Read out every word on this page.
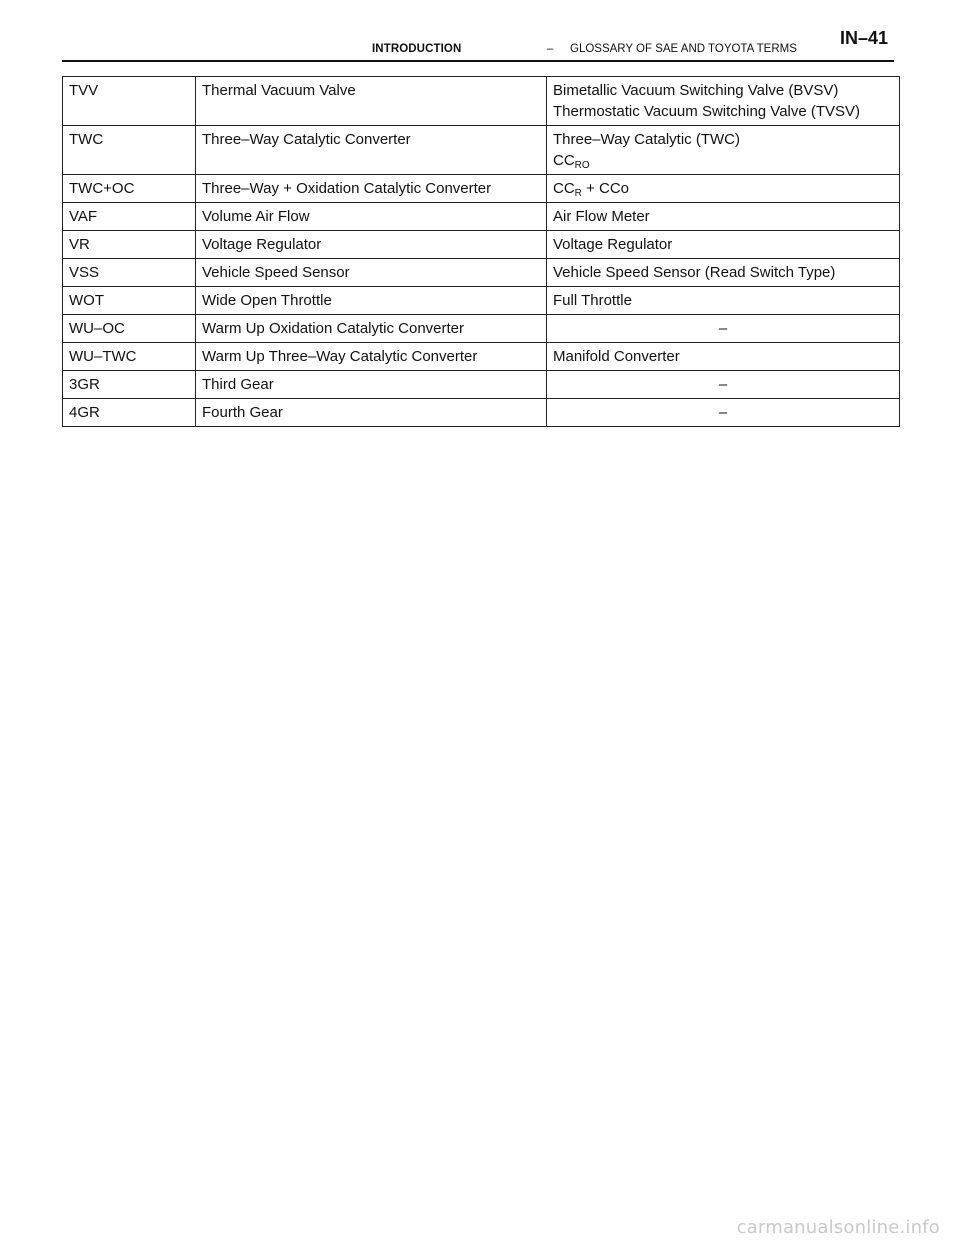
INTRODUCTION	– GLOSSARY OF SAE AND TOYOTA TERMS
IN–41
TVV	Thermal Vacuum Valve	Bimetallic Vacuum Switching Valve (BVSV)
Thermostatic Vacuum Switching Valve (TVSV)

TWC	Three–Way Catalytic Converter	Three–Way Catalytic (TWC)
$CC_{RO}$

TWC+OC	Three–Way + Oxidation Catalytic Converter	$CC_R$ + CCo
VAF	Volume Air Flow	Air Flow Meter
VR	Voltage Regulator	Voltage Regulator
VSS	Vehicle Speed Sensor	Vehicle Speed Sensor (Read Switch Type)
WOT	Wide Open Throttle	Full Throttle
WU–OC	Warm Up Oxidation Catalytic Converter	–
WU–TWC	Warm Up Three–Way Catalytic Converter	Manifold Converter
3GR	Third Gear	–
4GR	Fourth Gear	–
carmanualsonline.info
